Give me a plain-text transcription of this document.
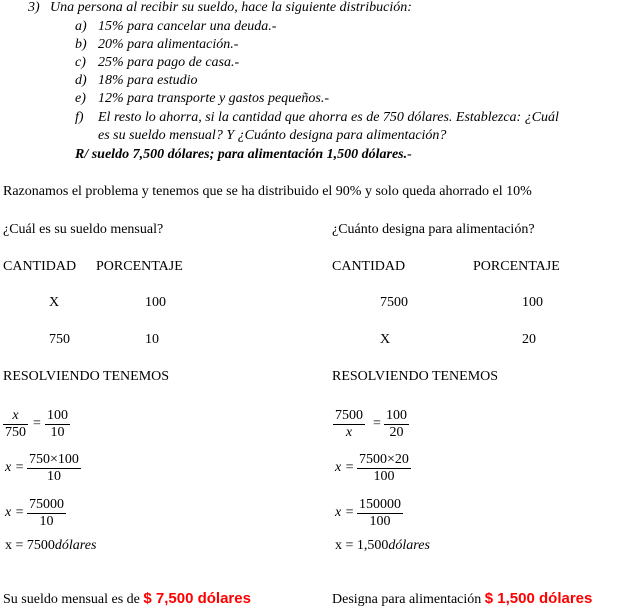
3) Una persona al recibir su sueldo, hace la siguiente distribución:
a) 15% para cancelar una deuda.-
b) 20% para alimentación.-
c) 25% para pago de casa.-
d) 18% para estudio
e) 12% para transporte y gastos pequeños.-
f) El resto lo ahorra, si la cantidad que ahorra es de 750 dólares. Establezca: ¿Cuál
es su sueldo mensual? Y ¿Cuánto designa para alimentación?
R/ sueldo 7,500 dólares; para alimentación 1,500 dólares.-
Razonamos el problema y tenemos que se ha distribuido el 90% y solo queda ahorrado el 10%
¿Cuál es su sueldo mensual?
CANTIDAD PORCENTAJE
X	100
750	10
RESOLVIENDO TENEMOS
$\frac{x}{750} = \frac{100}{10}$
$x = \frac{750\times 100}{10}$
$x = \frac{75000}{10}$
x = 7500dólares
Su sueldo mensual es de $ 7,500 dólares
¿Cuánto designa para alimentación?
CANTIDAD	PORCENTAJE
7500	100
X	20
RESOLVIENDO TENEMOS
$\frac{7500}{x} = \frac{100}{20}$
$x = \frac{7500\times 20}{100}$
$x = \frac{150000}{100}$
x = 1,500dólares
Designa para alimentación $ 1,500 dólares
